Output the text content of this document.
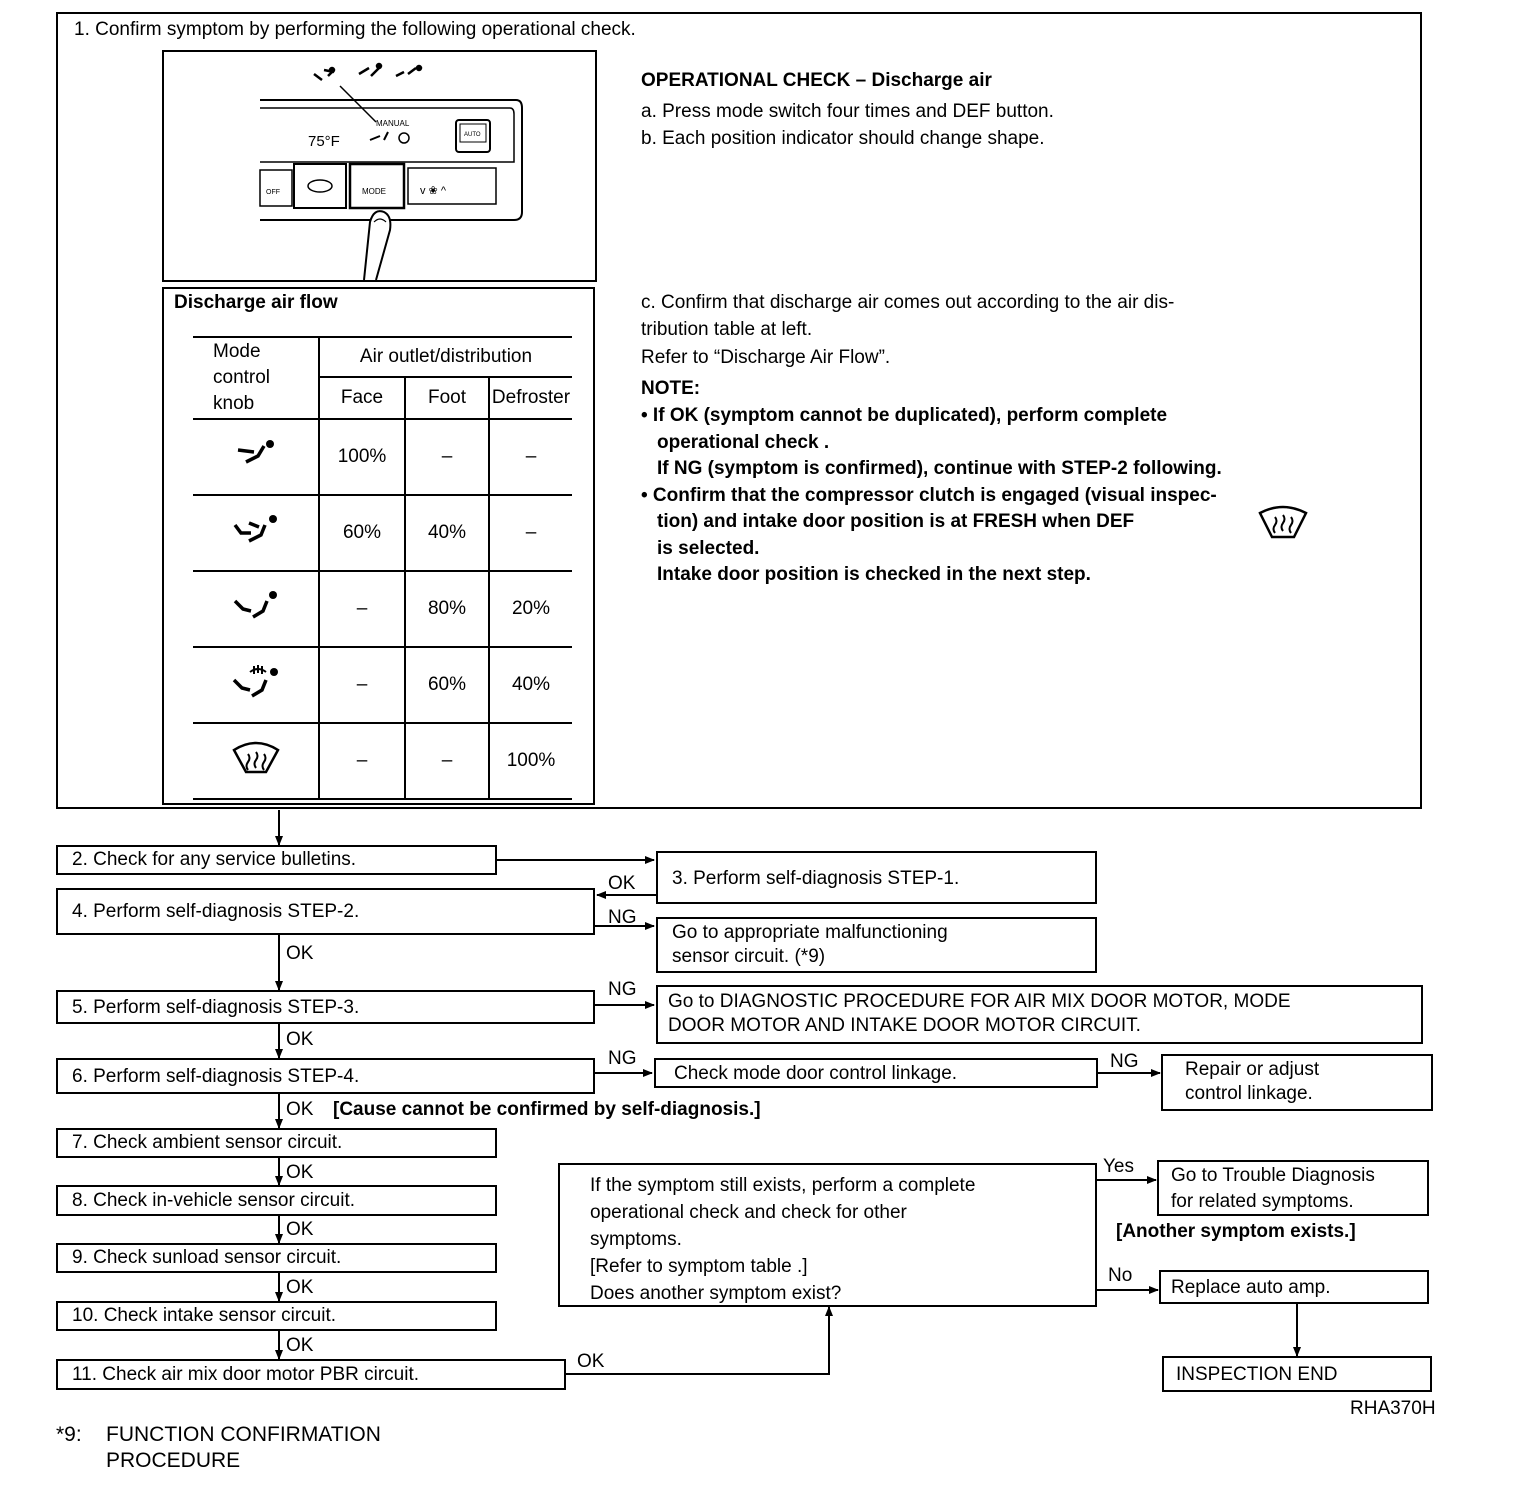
1. Confirm symptom by performing the following operational check.
75°F
MANUAL
AUTO
OFF	MODE	v ❀ ^
OPERATIONAL CHECK – Discharge air
a. Press mode switch four times and DEF button.
b. Each position indicator should change shape.
Discharge air flow
Mode
control
knob	Air outlet/distribution		
	Face	Foot	Defroster
	100%	–	–
	60%	40%	–
	–	80%	20%
	–	60%	40%
	–	–	100%
c. Confirm that discharge air comes out according to the air dis-
tribution table at left.
Refer to “Discharge Air Flow”.
NOTE:
• If OK (symptom cannot be duplicated), perform complete
operational check .
If NG (symptom is confirmed), continue with STEP-2 following.
• Confirm that the compressor clutch is engaged (visual inspec-
tion) and intake door position is at FRESH when DEF
is selected.
Intake door position is checked in the next step.
2. Check for any service bulletins.
3. Perform self-diagnosis STEP-1.
4. Perform self-diagnosis STEP-2.
Go to appropriate malfunctioning
sensor circuit. (*9)
5. Perform self-diagnosis STEP-3.	Go to DIAGNOSTIC PROCEDURE FOR AIR MIX DOOR MOTOR, MODE
DOOR MOTOR AND INTAKE DOOR MOTOR CIRCUIT.
6. Perform self-diagnosis STEP-4.	Check mode door control linkage.	Repair or adjust
control linkage.
7. Check ambient sensor circuit.
8. Check in-vehicle sensor circuit.
9. Check sunload sensor circuit.
10. Check intake sensor circuit.
11. Check air mix door motor PBR circuit.
If the symptom still exists, perform a complete
operational check and check for other
symptoms.
[Refer to symptom table .]
Does another symptom exist?
Go to Trouble Diagnosis
for related symptoms.
[Another symptom exists.]
Replace auto amp.
INSPECTION END
OK
NG
OK
NG
OK
NG	NG
OK [Cause cannot be confirmed by self-diagnosis.]
OK
OK
OK
OK
OK
Yes
No
RHA370H
*9: FUNCTION CONFIRMATION
PROCEDURE
